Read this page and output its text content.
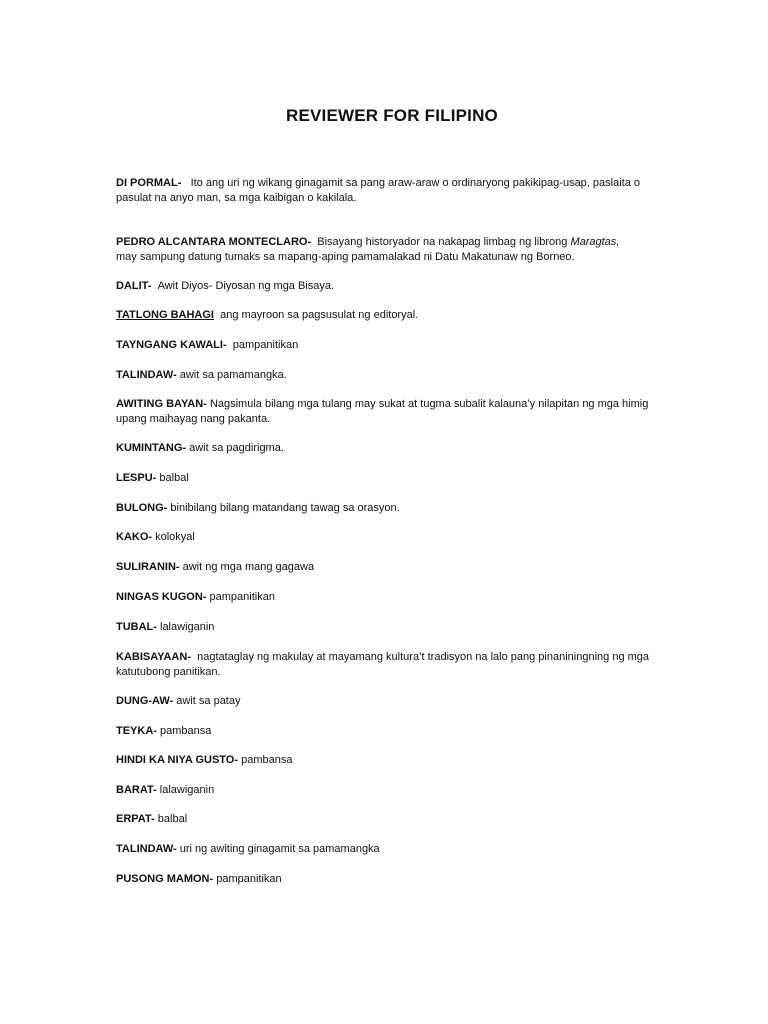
REVIEWER FOR FILIPINO
DI PORMAL- Ito ang uri ng wikang ginagamit sa pang araw-araw o ordinaryong pakikipag-usap, paslaita o pasulat na anyo man, sa mga kaibigan o kakilala.
PEDRO ALCANTARA MONTECLARO- Bisayang historyador na nakapag limbag ng librong Maragtas,
may sampung datung tumaks sa mapang-aping pamamalakad ni Datu Makatunaw ng Borneo.
DALIT- Awit Diyos- Diyosan ng mga Bisaya.
TATLONG BAHAGI ang mayroon sa pagsusulat ng editoryal.
TAYNGANG KAWALI- pampanitikan
TALINDAW- awit sa pamamangka.
AWITING BAYAN- Nagsimula bilang mga tulang may sukat at tugma subalit kalauna’y nilapitan ng mga himig upang maihayag nang pakanta.
KUMINTANG- awit sa pagdirigma.
LESPU- balbal
BULONG- binibilang bilang matandang tawag sa orasyon.
KAKO- kolokyal
SULIRANIN- awit ng mga mang gagawa
NINGAS KUGON- pampanitikan
TUBAL- lalawiganin
KABISAYAAN- nagtataglay ng makulay at mayamang kultura’t tradisyon na lalo pang pinaniningning ng mga katutubong panitikan.
DUNG-AW- awit sa patay
TEYKA- pambansa
HINDI KA NIYA GUSTO- pambansa
BARAT- lalawiganin
ERPAT- balbal
TALINDAW- uri ng awiting ginagamit sa pamamangka
PUSONG MAMON- pampanitikan
